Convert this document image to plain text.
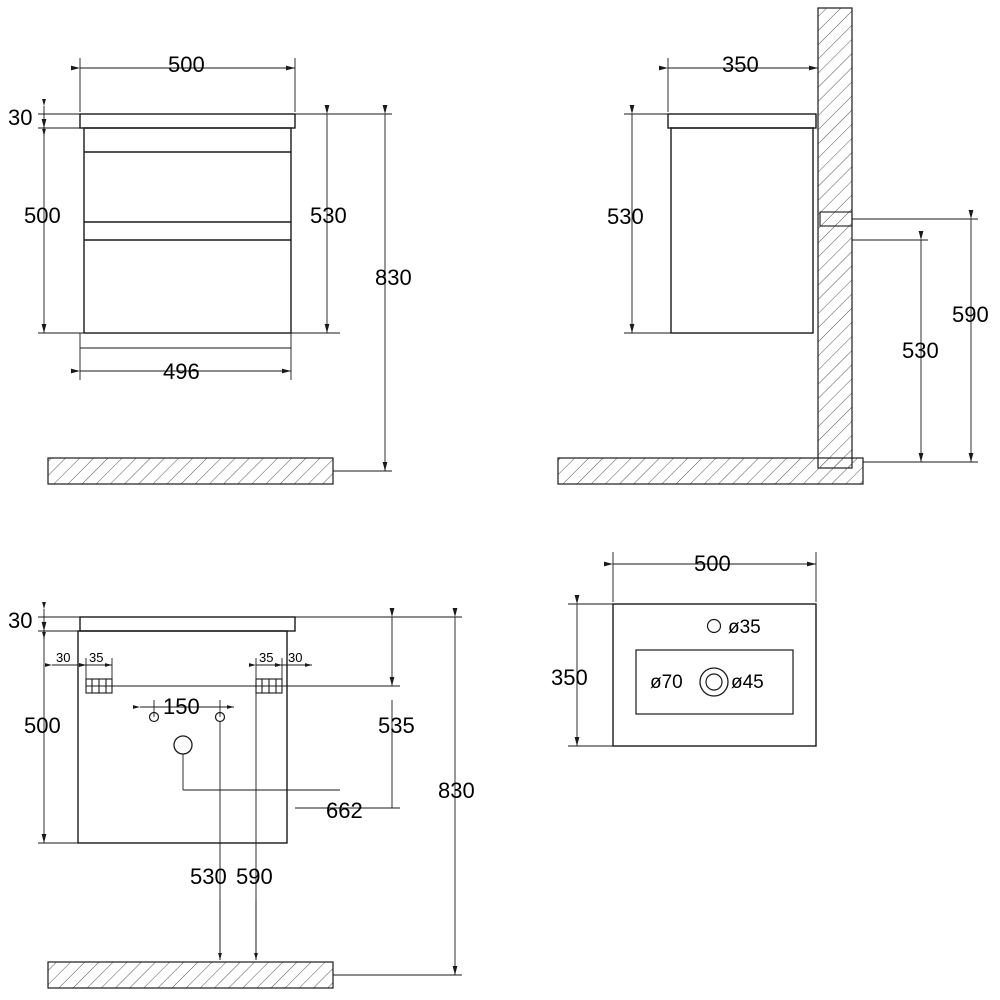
500
30
500	530
830
496
350
530
590
530
30
500
30 35	35 30
150
535
830
662
530 590
500
350
ø35
ø70	ø45
